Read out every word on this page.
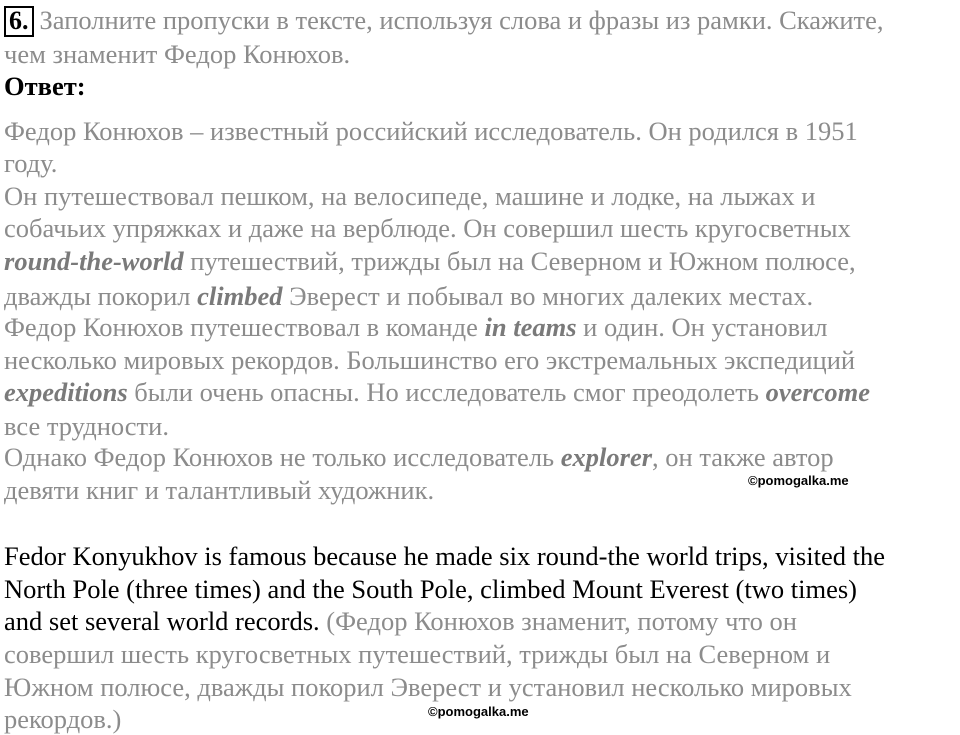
6. Заполните пропуски в тексте, используя слова и фразы из рамки. Скажите,
чем знаменит Федор Конюхов.
Ответ:
Федор Конюхов – известный российский исследователь. Он родился в 1951
году.
Он путешествовал пешком, на велосипеде, машине и лодке, на лыжах и
собачьих упряжках и даже на верблюде. Он совершил шесть кругосветных
round-the-world путешествий, трижды был на Северном и Южном полюсе,
дважды покорил climbed Эверест и побывал во многих далеких местах.
Федор Конюхов путешествовал в команде in teams и один. Он установил
несколько мировых рекордов. Большинство его экстремальных экспедиций
expeditions были очень опасны. Но исследователь смог преодолеть overcome
все трудности.
Однако Федор Конюхов не только исследователь explorer, он также автор
девяти книг и талантливый художник.	©pomogalka.me
Fedor Konyukhov is famous because he made six round-the world trips, visited the
North Pole (three times) and the South Pole, climbed Mount Everest (two times)
and set several world records. (Федор Конюхов знаменит, потому что он
совершил шесть кругосветных путешествий, трижды был на Северном и
Южном полюсе, дважды покорил Эверест и установил несколько мировых
рекордов.)	©pomogalka.me
